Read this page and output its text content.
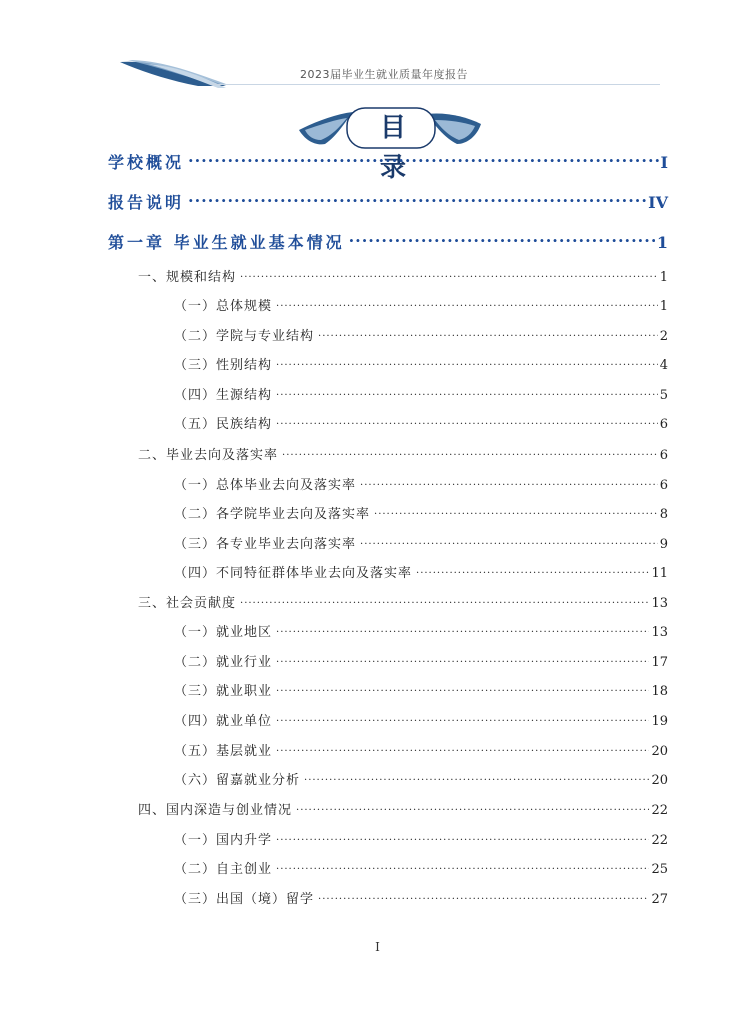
2023届毕业生就业质量年度报告
目 录
学校概况 .....	I
报告说明 .....	IV
第一章 毕业生就业基本情况 .....	1
一、规模和结构 .....	1
（一）总体规模 .....	1
（二）学院与专业结构 .....	2
（三）性别结构 .....	4
（四）生源结构 .....	5
（五）民族结构 .....	6
二、毕业去向及落实率 .....	6
（一）总体毕业去向及落实率 .....	6
（二）各学院毕业去向及落实率 .....	8
（三）各专业毕业去向落实率 .....	9
（四）不同特征群体毕业去向及落实率 .....	11
三、社会贡献度 .....	13
（一）就业地区 .....	13
（二）就业行业 .....	17
（三）就业职业 .....	18
（四）就业单位 .....	19
（五）基层就业 .....	20
（六）留嘉就业分析 .....	20
四、国内深造与创业情况 .....	22
（一）国内升学 .....	22
（二）自主创业 .....	25
（三）出国（境）留学 .....	27
I
